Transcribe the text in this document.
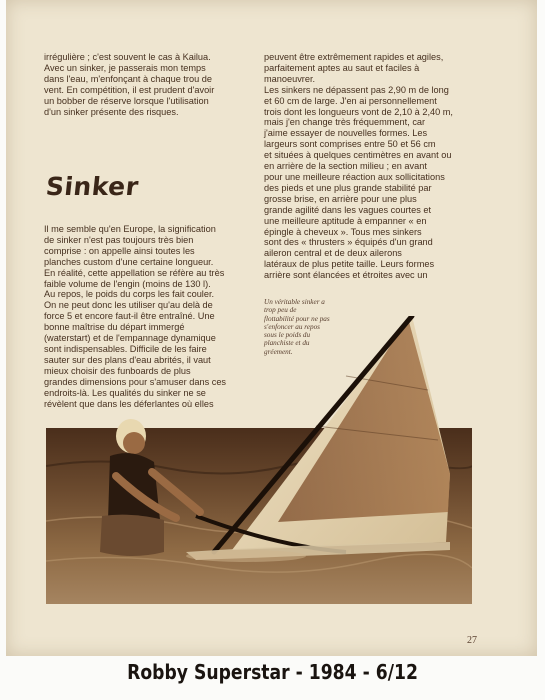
irrégulière ; c'est souvent le cas à Kailua.

Avec un sinker, je passerais mon temps

dans l'eau, m'enfonçant à chaque trou de

vent. En compétition, il est prudent d'avoir

un bobber de réserve lorsque l'utilisation

d'un sinker présente des risques.

Sinker

Il me semble qu'en Europe, la signification

de sinker n'est pas toujours très bien

comprise : on appelle ainsi toutes les

planches custom d'une certaine longueur.

En réalité, cette appellation se réfère au très

faible volume de l'engin (moins de 130 l).

Au repos, le poids du corps les fait couler.

On ne peut donc les utiliser qu'au delà de

force 5 et encore faut-il être entraîné. Une

bonne maîtrise du départ immergé

(waterstart) et de l'empannage dynamique

sont indispensables. Difficile de les faire

sauter sur des plans d'eau abrités, il vaut

mieux choisir des funboards de plus

grandes dimensions pour s'amuser dans ces

endroits-là. Les qualités du sinker ne se

révèlent que dans les déferlantes où elles

peuvent être extrêmement rapides et agiles,

parfaitement aptes au saut et faciles à

manoeuvrer.

Les sinkers ne dépassent pas 2,90 m de long

et 60 cm de large. J'en ai personnellement

trois dont les longueurs vont de 2,10 à 2,40 m,

mais j'en change très fréquemment, car

j'aime essayer de nouvelles formes. Les

largeurs sont comprises entre 50 et 56 cm

et situées à quelques centimètres en avant ou

en arrière de la section milieu ; en avant

pour une meilleure réaction aux sollicitations

des pieds et une plus grande stabilité par

grosse brise, en arrière pour une plus

grande agilité dans les vagues courtes et

une meilleure aptitude à empanner « en

épingle à cheveux ». Tous mes sinkers

sont des « thrusters » équipés d'un grand

aileron central et de deux ailerons

latéraux de plus petite taille. Leurs formes

arrière sont élancées et étroites avec un

Un véritable sinker a

trop peu de

flottabilité pour ne pas

s'enfoncer au repos

sous le poids du

planchiste et du

gréement.

27
Robby Superstar - 1984 - 6/12
